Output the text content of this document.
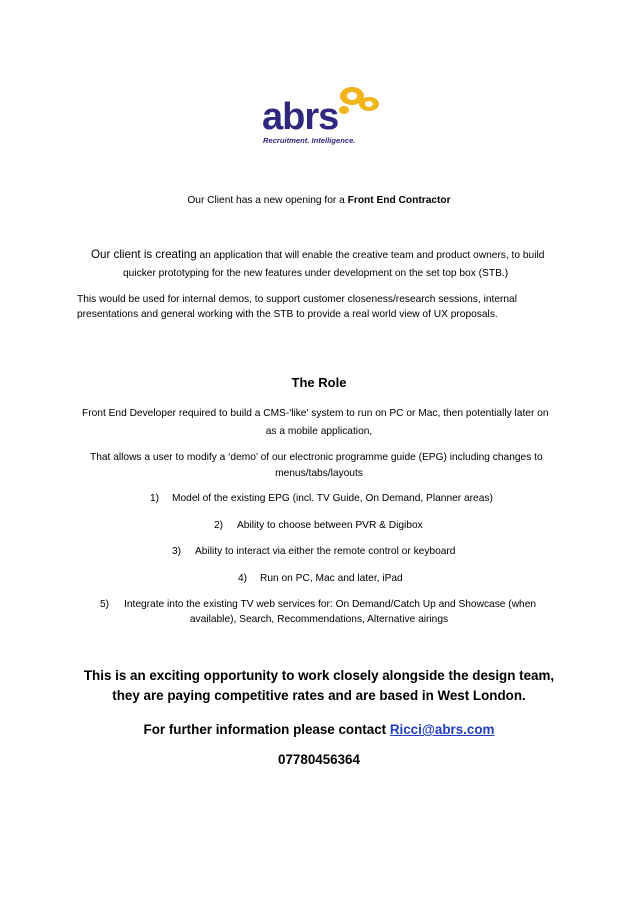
abrs
Recruitment. Intelligence.
Our Client has a new opening for a Front End Contractor
Our client is creating an application that will enable the creative team and product owners, to build
quicker prototyping for the new features under development on the set top box (STB.)
This would be used for internal demos, to support customer closeness/research sessions, internal
presentations and general working with the STB to provide a real world view of UX proposals.
The Role
Front End Developer required to build a CMS-'like' system to run on PC or Mac, then potentially later on
as a mobile application,
That allows a user to modify a ‘demo’ of our electronic programme guide (EPG) including changes to
menus/tabs/layouts
1) Model of the existing EPG (incl. TV Guide, On Demand, Planner areas)
2) Ability to choose between PVR & Digibox
3) Ability to interact via either the remote control or keyboard
4) Run on PC, Mac and later, iPad
5) Integrate into the existing TV web services for: On Demand/Catch Up and Showcase (when
available), Search, Recommendations, Alternative airings
This is an exciting opportunity to work closely alongside the design team,
they are paying competitive rates and are based in West London.
For further information please contact Ricci@abrs.com
07780456364
